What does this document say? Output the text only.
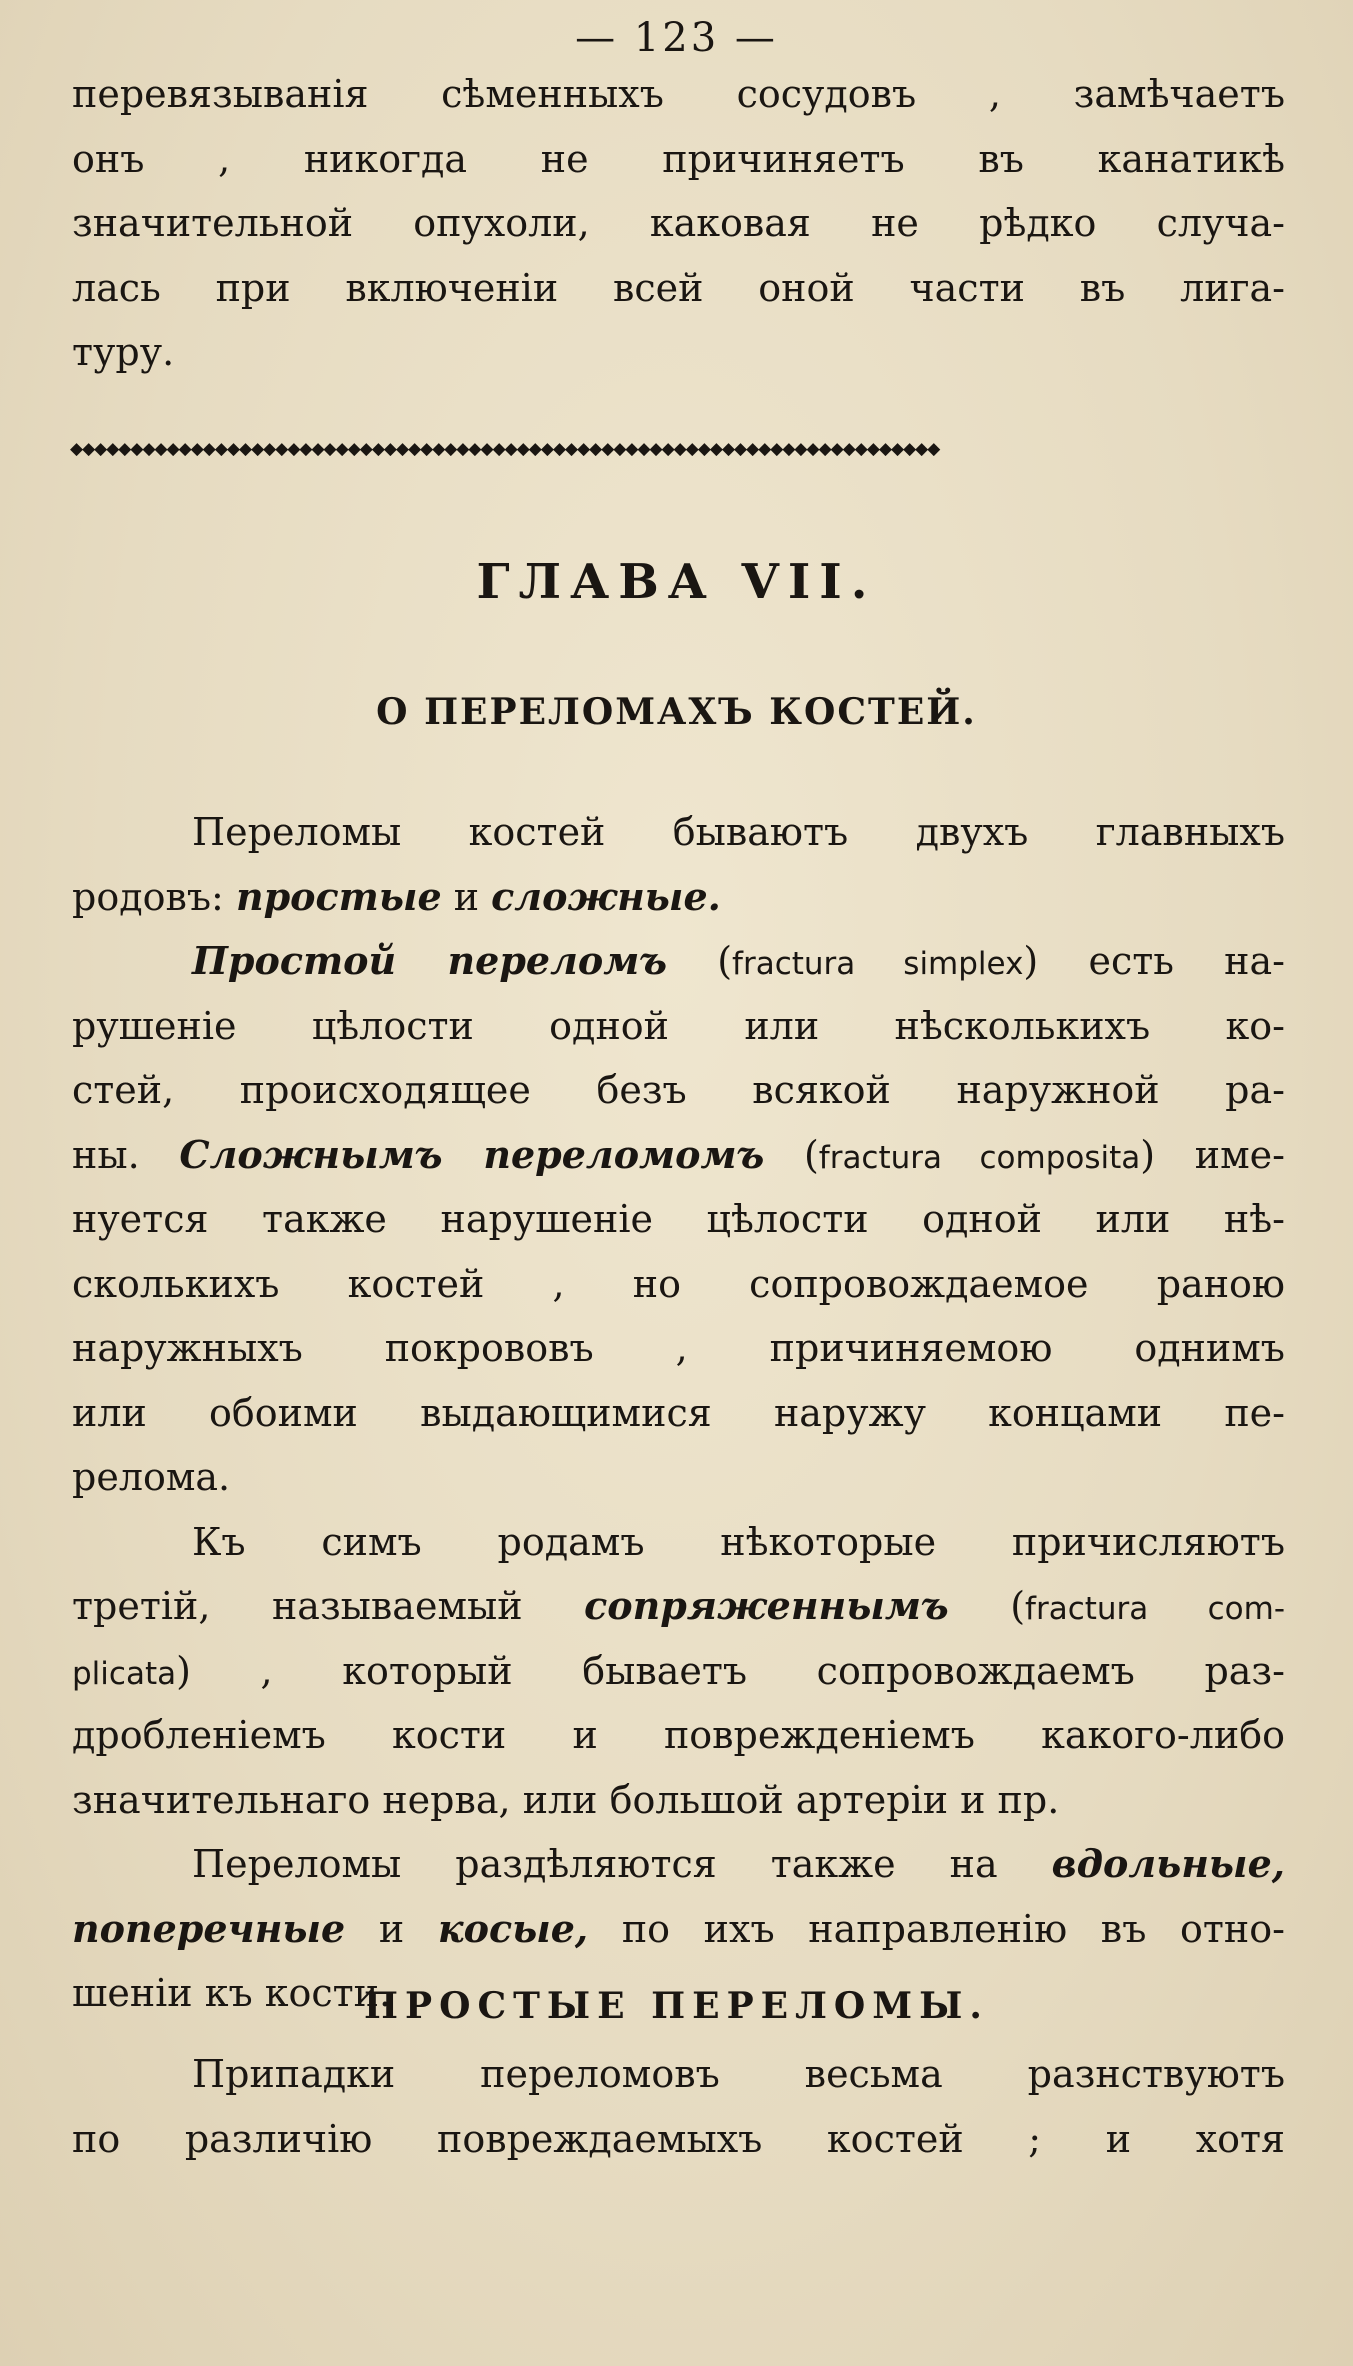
— 123 —
перевязыванія сѣменныхъ сосудовъ , замѣчаетъ
онъ , никогда не причиняетъ въ канатикѣ
значительной опухоли, каковая не рѣдко случа-
лась при включеніи всей оной части въ лига-
туру.
◆◆◆◆◆◆◆◆◆◆◆◆◆◆◆◆◆◆◆◆◆◆◆◆◆◆◆◆◆◆◆◆◆◆◆◆◆◆◆◆◆◆◆◆◆◆◆◆◆◆◆◆◆◆◆◆◆◆◆◆◆◆◆◆◆◆◆◆◆◆◆◆
ГЛАВА VII.
О ПЕРЕЛОМАХЪ КОСТЕЙ.
Переломы костей бываютъ двухъ главныхъ
родовъ: простые и сложные.
Простой переломъ (fractura simplex) есть на-
рушеніе цѣлости одной или нѣсколькихъ ко-
стей, происходящее безъ всякой наружной ра-
ны. Сложнымъ переломомъ (fractura composita) име-
нуется также нарушеніе цѣлости одной или нѣ-
сколькихъ костей , но сопровождаемое раною
наружныхъ покрововъ , причиняемою однимъ
или обоими выдающимися наружу концами пе-
релома.
Къ симъ родамъ нѣкоторые причисляютъ
третій, называемый сопряженнымъ (fractura com-
plicata) , который бываетъ сопровождаемъ раз-
дробленіемъ кости и поврежденіемъ какого-либо
значительнаго нерва, или большой артеріи и пр.
Переломы раздѣляются также на вдольные,
поперечные и косые, по ихъ направленію въ отно-
шеніи къ кости.
ПРОСТЫЕ ПЕРЕЛОМЫ.
Припадки переломовъ весьма разнствуютъ
по различію повреждаемыхъ костей ; и хотя
